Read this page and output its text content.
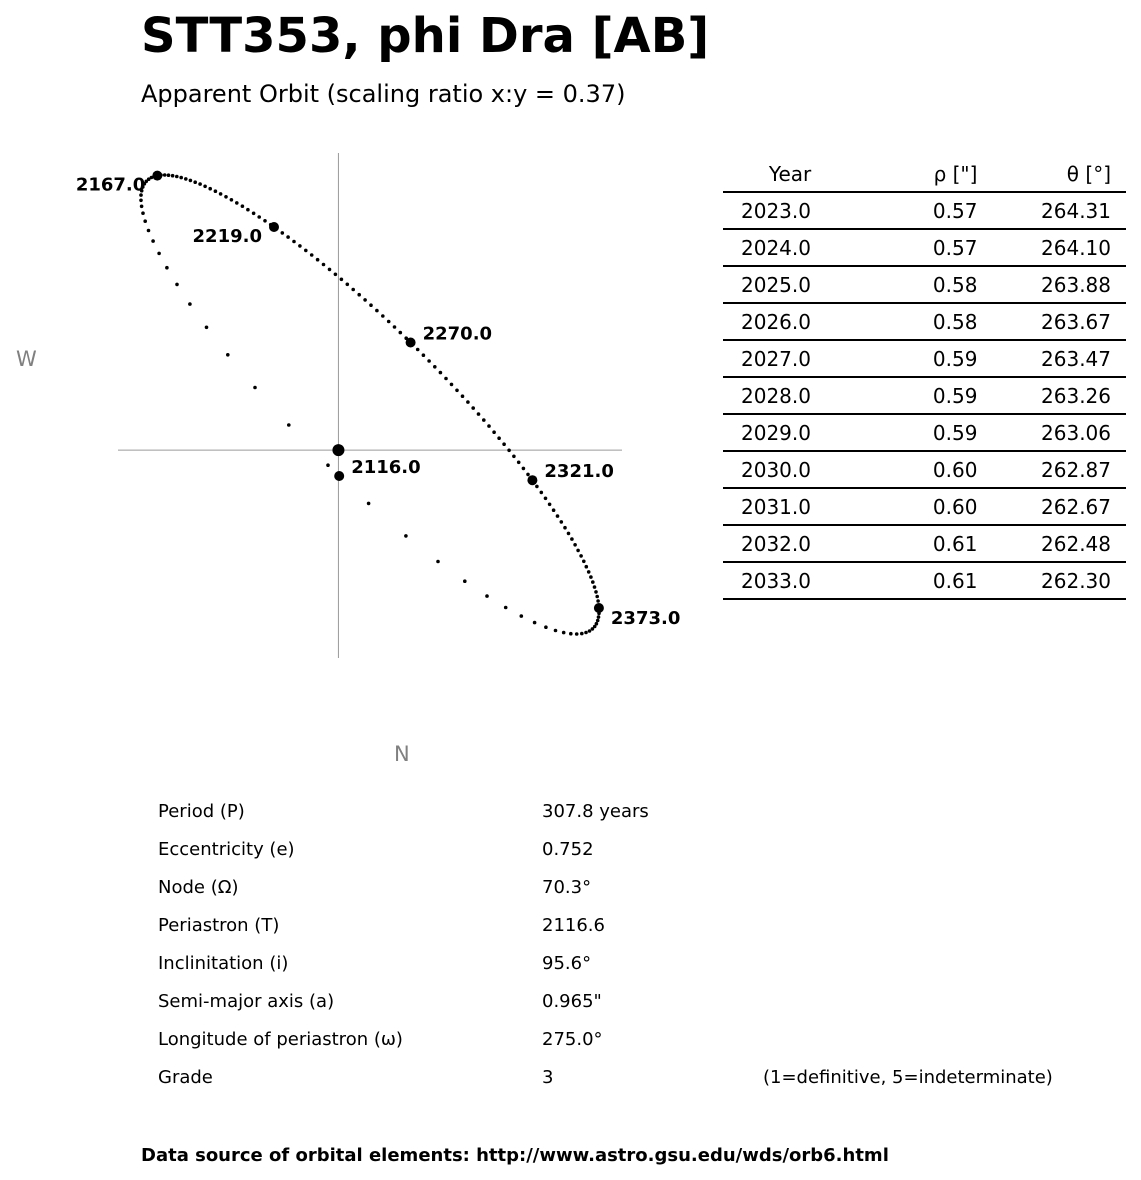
STT353, phi Dra [AB]
Apparent Orbit (scaling ratio x:y = 0.37)
2116.0
2167.0
2219.0
2270.0
2321.0
2373.0
W
N
Year	ρ ["]	θ [°]
2023.0	0.57	264.31
2024.0	0.57	264.10
2025.0	0.58	263.88
2026.0	0.58	263.67
2027.0	0.59	263.47
2028.0	0.59	263.26
2029.0	0.59	263.06
2030.0	0.60	262.87
2031.0	0.60	262.67
2032.0	0.61	262.48
2033.0	0.61	262.30
Period (P)	307.8 years
Eccentricity (e)	0.752
Node (Ω)	70.3°
Periastron (T)	2116.6
Inclinitation (i)	95.6°
Semi-major axis (a)	0.965"
Longitude of periastron (ω)	275.0°
Grade	3	(1=definitive, 5=indeterminate)
Data source of orbital elements: http://www.astro.gsu.edu/wds/orb6.html
